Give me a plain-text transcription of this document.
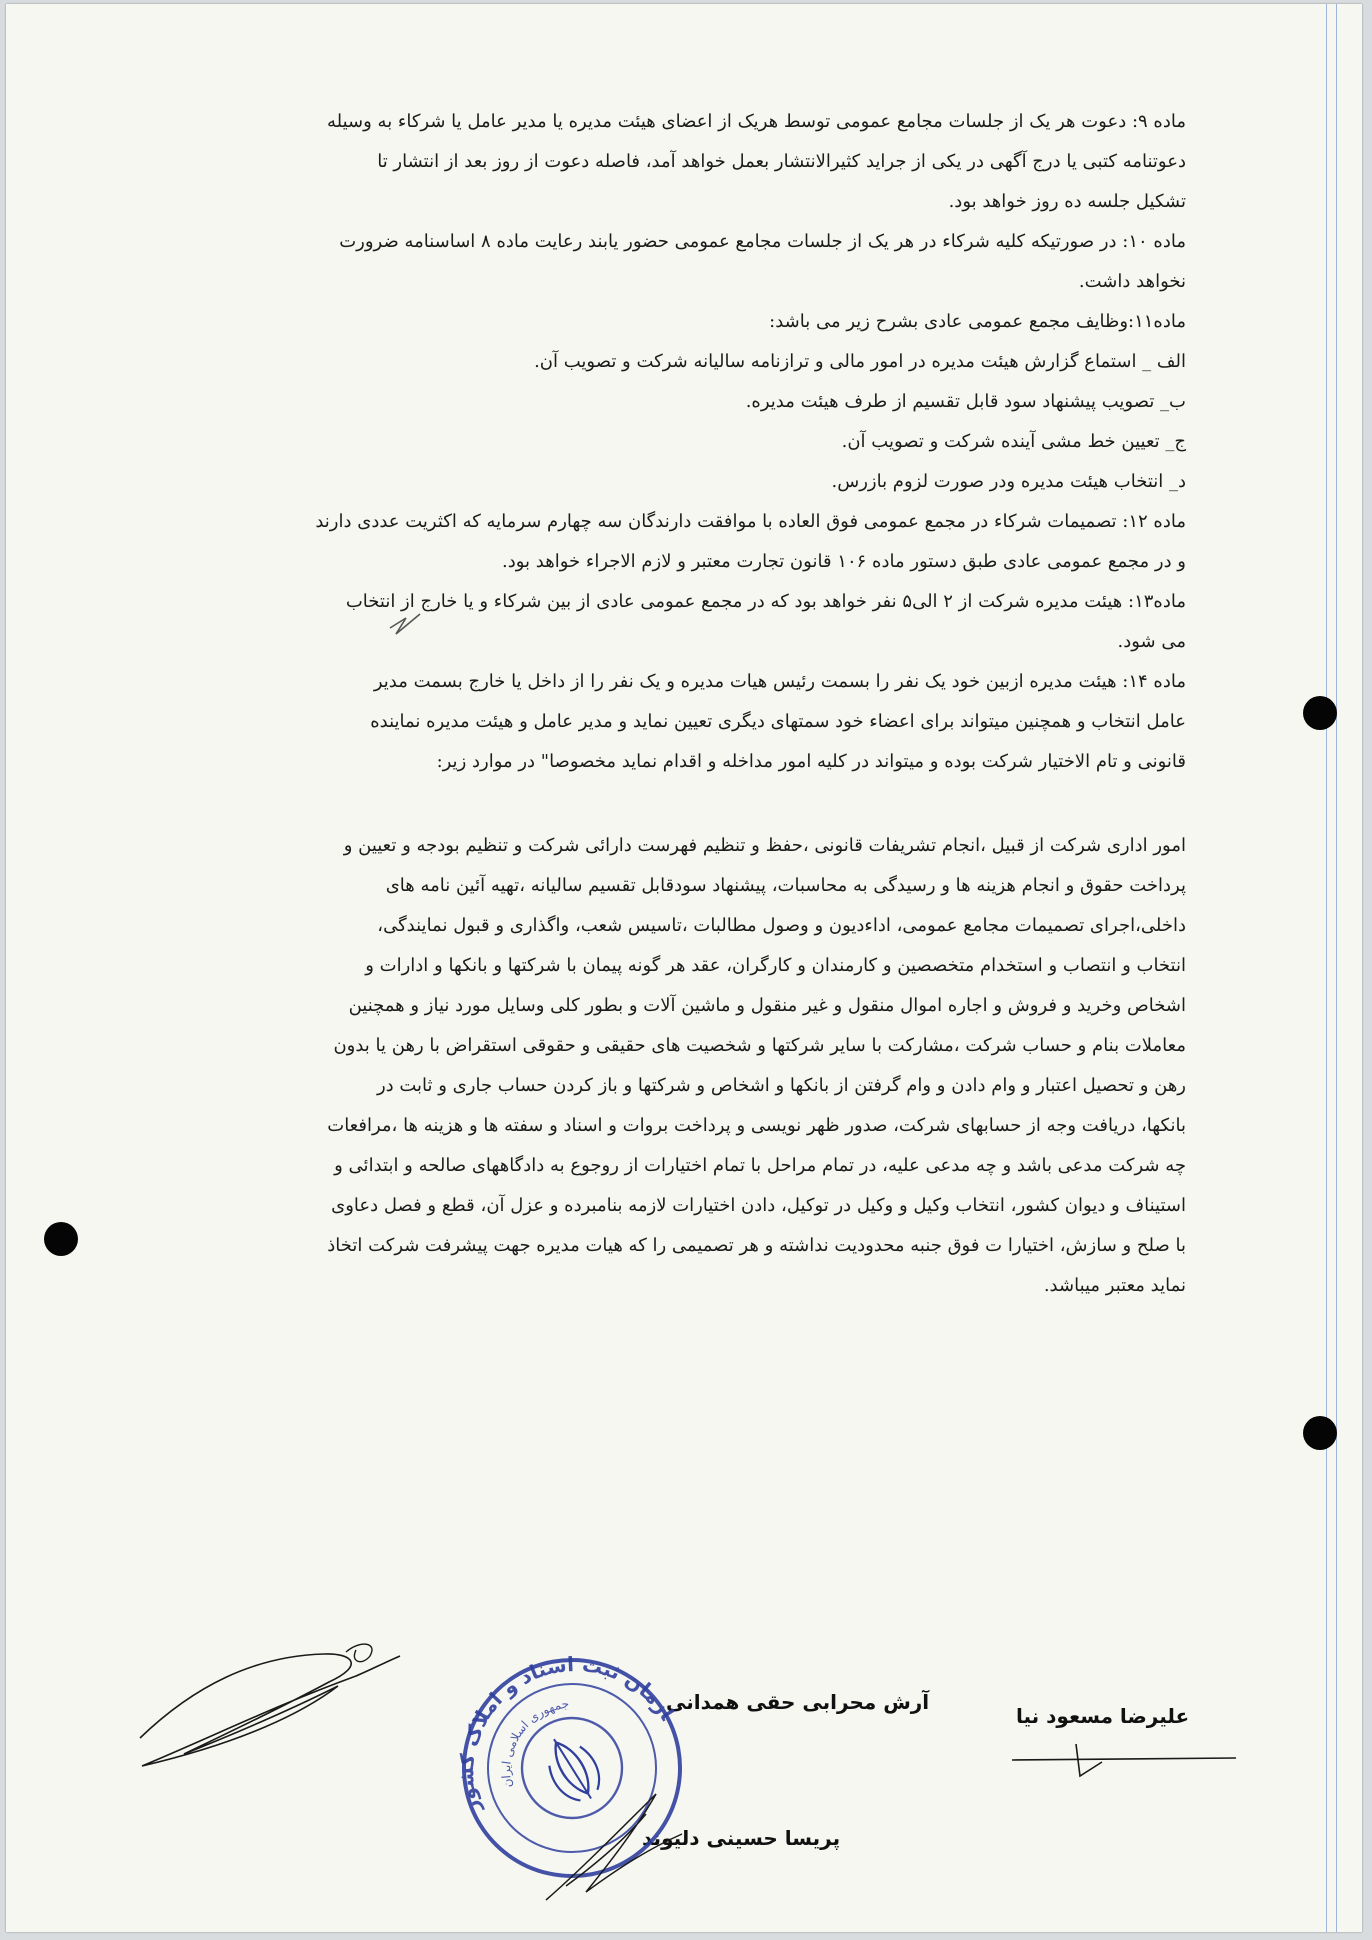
ماده ۹: دعوت هر یک از جلسات مجامع عمومی توسط هریک از اعضای هیئت مدیره یا مدیر عامل یا شرکاء به وسیله
دعوتنامه کتبی یا درج آگهی در یکی از جراید کثیرالانتشار بعمل خواهد آمد، فاصله دعوت از روز بعد از انتشار تا
تشکیل جلسه ده روز خواهد بود.
ماده ۱۰: در صورتیکه کلیه شرکاء در هر یک از جلسات مجامع عمومی حضور یابند رعایت ماده ۸ اساسنامه ضرورت
نخواهد داشت.
ماده۱۱:وظایف مجمع عمومی عادی بشرح زیر می باشد:
الف _ استماع گزارش هیئت مدیره در امور مالی و ترازنامه سالیانه شرکت و تصویب آن.
ب_ تصویب پیشنهاد سود قابل تقسیم از طرف هیئت مدیره.
ج_ تعیین خط مشی آینده شرکت و تصویب آن.
د_ انتخاب هیئت مدیره ودر صورت لزوم بازرس.
ماده ۱۲: تصمیمات شرکاء در مجمع عمومی فوق العاده با موافقت دارندگان سه چهارم سرمایه که اکثریت عددی دارند
و در مجمع عمومی عادی طبق دستور ماده ۱۰۶ قانون تجارت معتبر و لازم الاجراء خواهد بود.
ماده۱۳: هیئت مدیره شرکت از ۲ الی۵ نفر خواهد بود که در مجمع عمومی عادی از بین شرکاء و یا خارج از انتخاب
می شود.
ماده ۱۴: هیئت مدیره ازبین خود یک نفر را بسمت رئیس هیات مدیره و یک نفر را از داخل یا خارج بسمت مدیر
عامل انتخاب و همچنین میتواند برای اعضاء خود سمتهای دیگری تعیین نماید و مدیر عامل و هیئت مدیره نماینده
قانونی و تام الاختیار شرکت بوده و میتواند در کلیه امور مداخله و اقدام نماید مخصوصا" در موارد زیر:
امور اداری شرکت از قبیل ،انجام تشریفات قانونی ،حفظ و تنظیم فهرست دارائی شرکت و تنظیم بودجه و تعیین و
پرداخت حقوق و انجام هزینه ها و رسیدگی به محاسبات، پیشنهاد سودقابل تقسیم سالیانه ،تهیه آئین نامه های
داخلی،اجرای تصمیمات مجامع عمومی، اداءدیون و وصول مطالبات ،تاسیس شعب، واگذاری و قبول نمایندگی،
انتخاب و انتصاب و استخدام متخصصین و کارمندان و کارگران، عقد هر گونه پیمان با شرکتها و بانکها و ادارات و
اشخاص وخرید و فروش و اجاره اموال منقول و غیر منقول و ماشین آلات و بطور کلی وسایل مورد نیاز و همچنین
معاملات بنام و حساب شرکت ،مشارکت با سایر شرکتها و شخصیت های حقیقی و حقوقی استقراض با رهن یا بدون
رهن و تحصیل اعتبار و وام دادن و وام گرفتن از بانکها و اشخاص و شرکتها و باز کردن حساب جاری و ثابت در
بانکها، دریافت وجه از حسابهای شرکت، صدور ظهر نویسی و پرداخت بروات و اسناد و سفته ها و هزینه ها ،مرافعات
چه شرکت مدعی باشد و چه مدعی علیه، در تمام مراحل با تمام اختیارات از روجوع به دادگاههای صالحه و ابتدائی و
استیناف و دیوان کشور، انتخاب وکیل و وکیل در توکیل، دادن اختیارات لازمه بنامبرده و عزل آن، قطع و فصل دعاوی
با صلح و سازش، اختیارا ت فوق جنبه محدودیت نداشته و هر تصمیمی را که هیات مدیره جهت پیشرفت شرکت اتخاذ
نماید معتبر میباشد.
علیرضا مسعود نیا
آرش محرابی حقی همدانی
پریسا حسینی دلیوند
سازمان ثبت اسناد و املاک کشور
جمهوری اسلامی ایران
